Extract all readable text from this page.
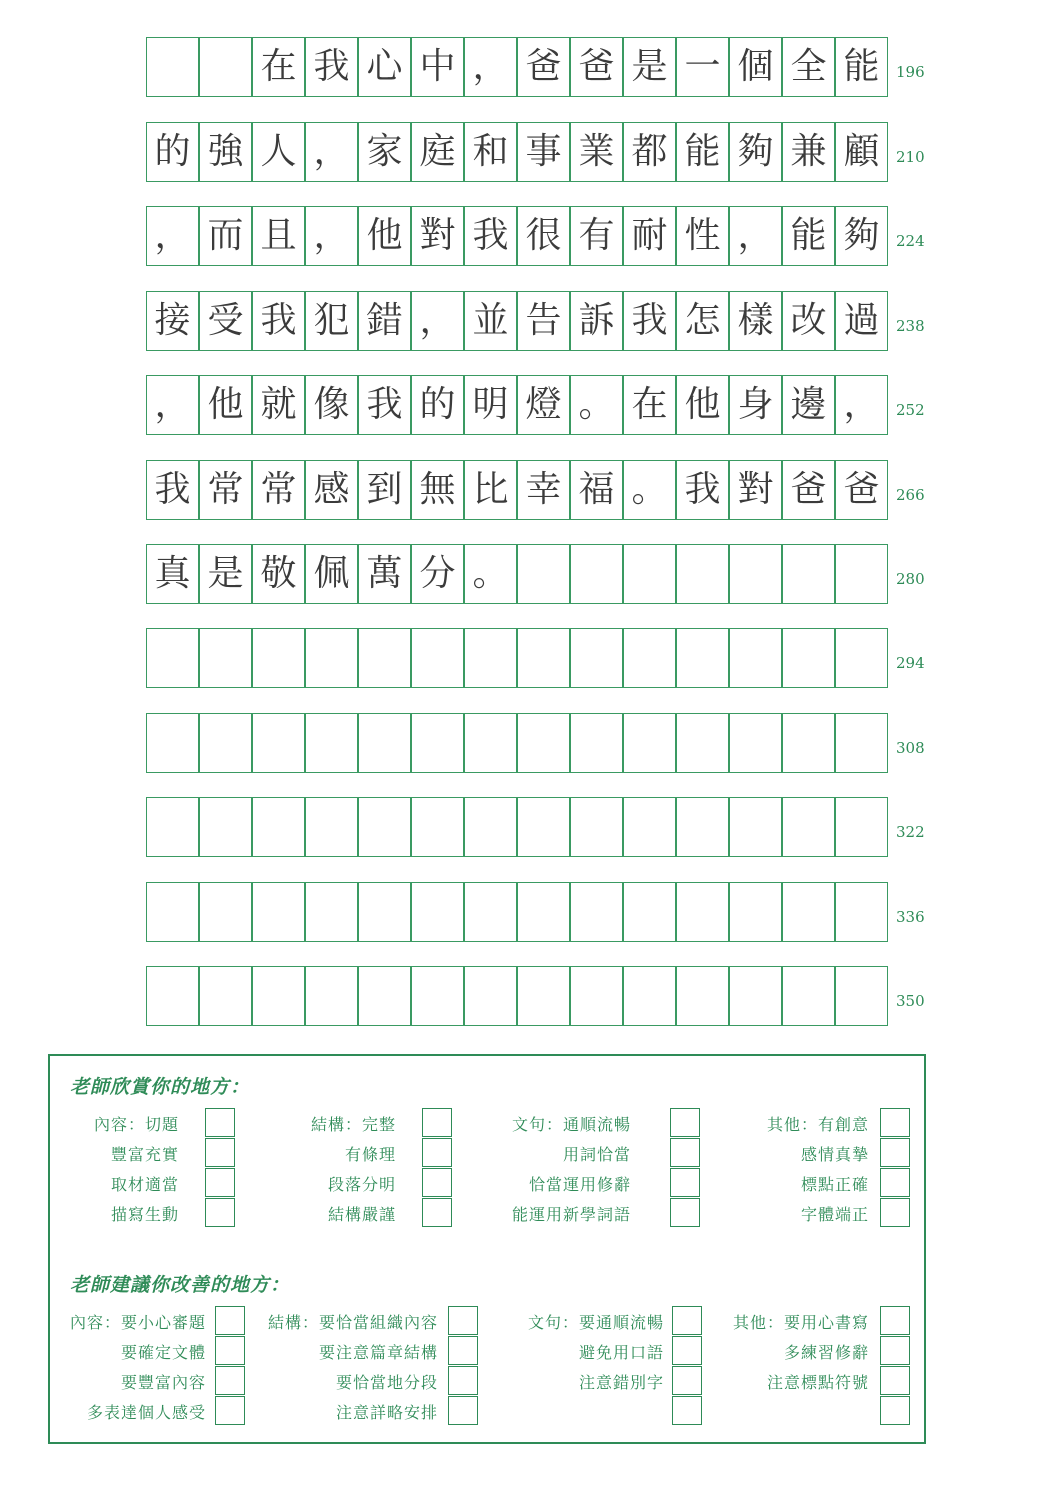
在 我 心 中 ， 爸 爸 是 一 個 全 能	196
的 強 人 ， 家 庭 和 事 業 都 能 夠 兼 顧	210
， 而 且 ， 他 對 我 很 有 耐 性 ， 能 夠	224
接 受 我 犯 錯 ， 並 告 訴 我 怎 樣 改 過	238
， 他 就 像 我 的 明 燈 。 在 他 身 邊 ，	252
我 常 常 感 到 無 比 幸 福 。 我 對 爸 爸	266
真 是 敬 佩 萬 分 。	280
294
308
322
336
350
老師欣賞你的地方：
老師建議你改善的地方：
內容：切題
豐富充實
取材適當
描寫生動
結構：完整
有條理
段落分明
結構嚴謹
文句：通順流暢
用詞恰當
恰當運用修辭
能運用新學詞語
其他：有創意
感情真摯
標點正確
字體端正
內容：要小心審題
要確定文體
要豐富內容
多表達個人感受
結構：要恰當組織內容
要注意篇章結構
要恰當地分段
注意詳略安排
文句：要通順流暢
避免用口語
注意錯別字
其他：要用心書寫
多練習修辭
注意標點符號
